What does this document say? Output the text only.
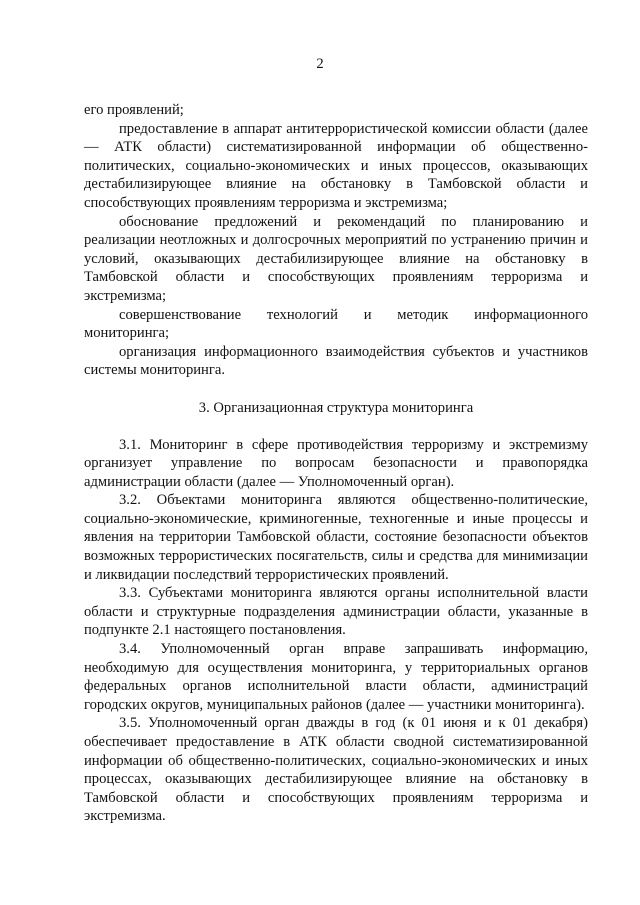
2

его проявлений;

предоставление в аппарат антитеррористической комиссии области (далее — АТК области) систематизированной информации об общественно-политических, социально-экономических и иных процессов, оказывающих дестабилизирующее влияние на обстановку в Тамбовской области и способствующих проявлениям терроризма и экстремизма;

обоснование предложений и рекомендаций по планированию и реализации неотложных и долгосрочных мероприятий по устранению причин и условий, оказывающих дестабилизирующее влияние на обстановку в Тамбовской области и способствующих проявлениям терроризма и экстремизма;

совершенствование технологий и методик информационного мониторинга;

организация информационного взаимодействия субъектов и участников системы мониторинга.

3. Организационная структура мониторинга

3.1. Мониторинг в сфере противодействия терроризму и экстремизму организует управление по вопросам безопасности и правопорядка администрации области (далее — Уполномоченный орган).

3.2. Объектами мониторинга являются общественно-политические, социально-экономические, криминогенные, техногенные и иные процессы и явления на территории Тамбовской области, состояние безопасности объектов возможных террористических посягательств, силы и средства для минимизации и ликвидации последствий террористических проявлений.

3.3. Субъектами мониторинга являются органы исполнительной власти области и структурные подразделения администрации области, указанные в подпункте 2.1 настоящего постановления.

3.4. Уполномоченный орган вправе запрашивать информацию, необходимую для осуществления мониторинга, у территориальных органов федеральных органов исполнительной власти области, администраций городских округов, муниципальных районов (далее — участники мониторинга).

3.5. Уполномоченный орган дважды в год (к 01 июня и к 01 декабря) обеспечивает предоставление в АТК области сводной систематизированной информации об общественно-политических, социально-экономических и иных процессах, оказывающих дестабилизирующее влияние на обстановку в Тамбовской области и способствующих проявлениям терроризма и экстремизма.
